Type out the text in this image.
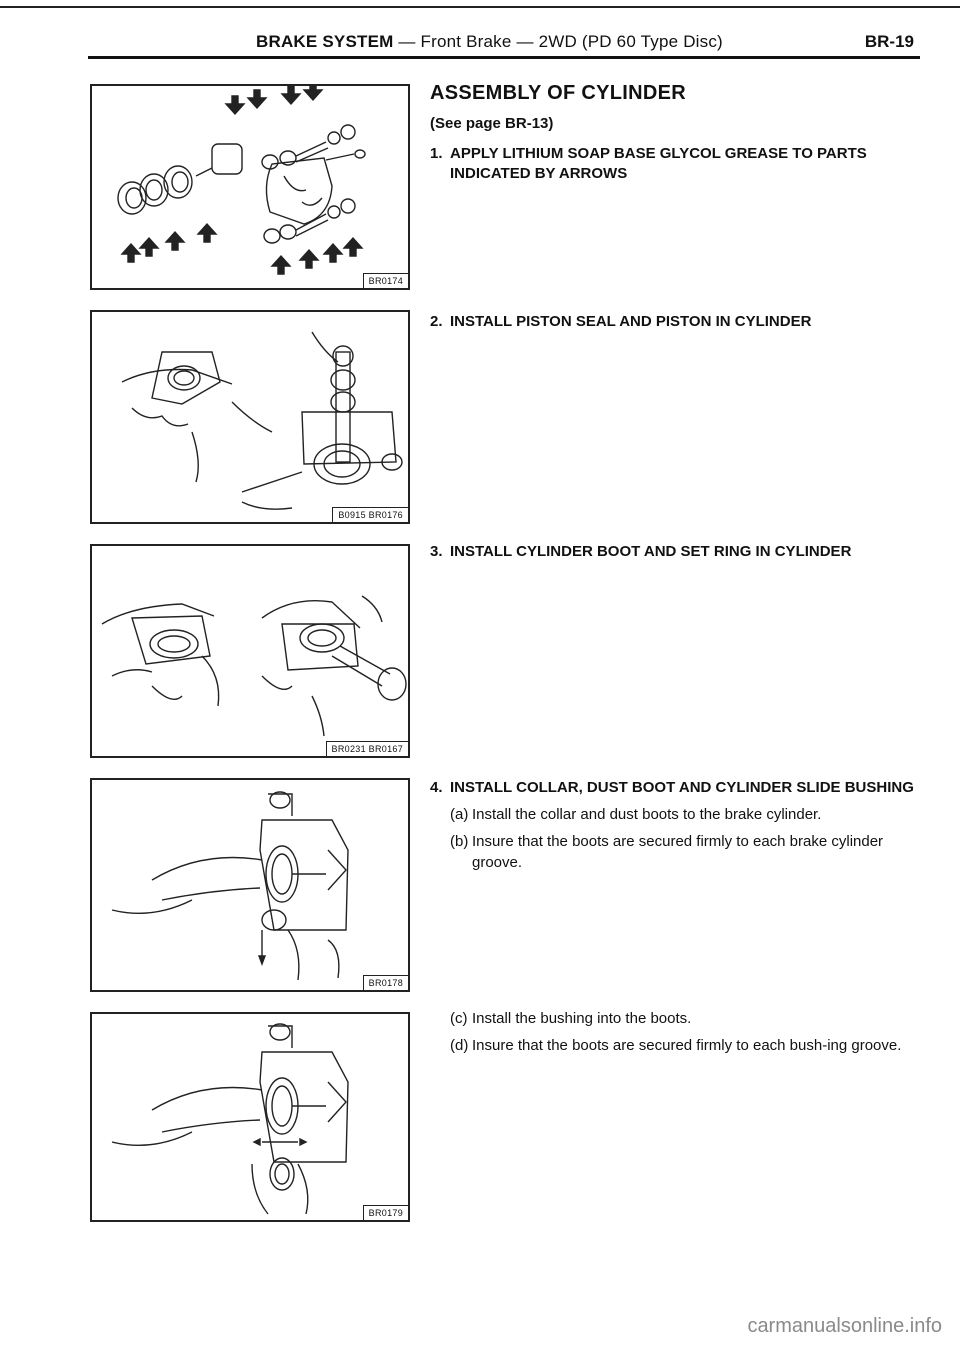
BRAKE SYSTEM — Front Brake — 2WD (PD 60 Type Disc)	BR-19
BR0174
B0915 BR0176
BR0231 BR0167
BR0178
BR0179
ASSEMBLY OF CYLINDER
(See page BR-13)
1. APPLY LITHIUM SOAP BASE GLYCOL GREASE TO PARTS INDICATED BY ARROWS
2. INSTALL PISTON SEAL AND PISTON IN CYLINDER
3. INSTALL CYLINDER BOOT AND SET RING IN CYLINDER
4. INSTALL COLLAR, DUST BOOT AND CYLINDER SLIDE BUSHING
(a) Install the collar and dust boots to the brake cylinder.
(b) Insure that the boots are secured firmly to each brake cylinder groove.
(c) Install the bushing into the boots.
(d) Insure that the boots are secured firmly to each bush-ing groove.
carmanualsonline.info
